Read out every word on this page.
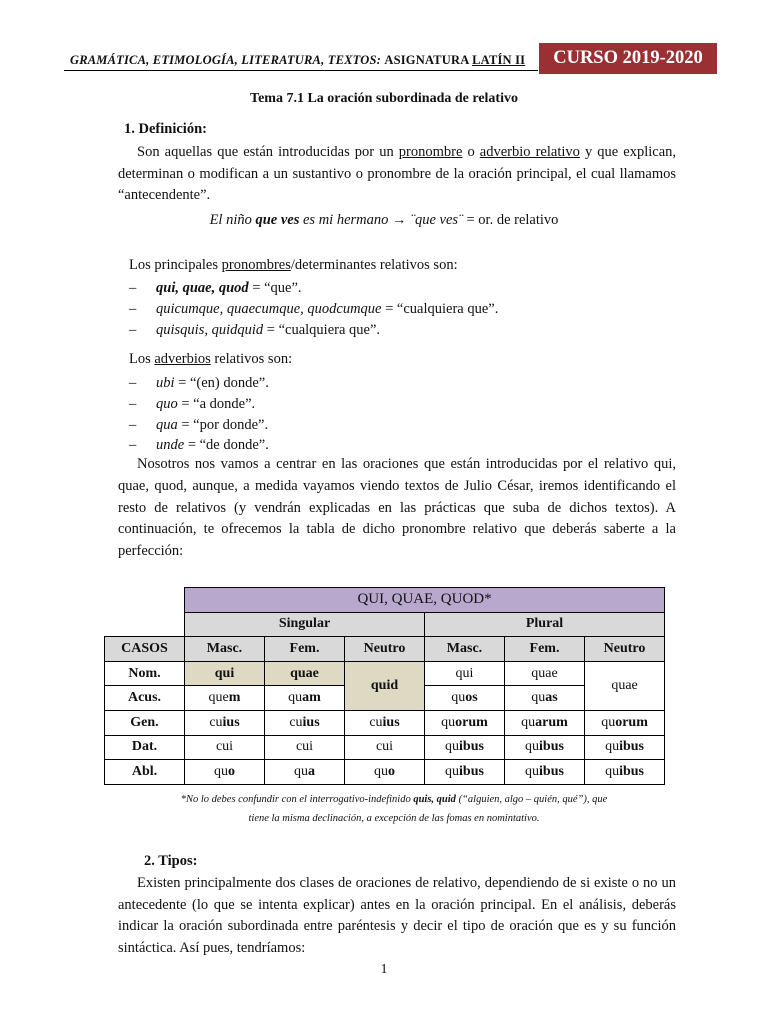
GRAMÁTICA, ETIMOLOGÍA, LITERATURA, TEXTOS: ASIGNATURA LATÍN II	CURSO 2019-2020
Tema 7.1 La oración subordinada de relativo
1. Definición:
Son aquellas que están introducidas por un pronombre o adverbio relativo y que explican, determinan o modifican a un sustantivo o pronombre de la oración principal, el cual llamamos “antecendente”.
El niño que ves es mi hermano → ¨que ves¨ = or. de relativo
Los principales pronombres/determinantes relativos son:
– qui, quae, quod = “que”.
– quicumque, quaecumque, quodcumque = “cualquiera que”.
– quisquis, quidquid = “cualquiera que”.
Los adverbios relativos son:
– ubi = “(en) donde”.
– quo = “a donde”.
– qua = “por donde”.
– unde = “de donde”.
Nosotros nos vamos a centrar en las oraciones que están introducidas por el relativo qui, quae, quod, aunque, a medida vayamos viendo textos de Julio César, iremos identificando el resto de relativos (y vendrán explicadas en las prácticas que suba de dichos textos). A continuación, te ofrecemos la tabla de dicho pronombre relativo que deberás saberte a la perfección:
	QUI, QUAE, QUOD*					
	Singular			Plural		
CASOS	Masc.	Fem.	Neutro	Masc.	Fem.	Neutro
Nom.	qui	quae	quid	qui	quae	quae
Acus.	quem	quam		quos	quas	
Gen.	cuius	cuius	cuius	quorum	quarum	quorum
Dat.	cui	cui	cui	quibus	quibus	quibus
Abl.	quo	qua	quo	quibus	quibus	quibus
*No lo debes confundir con el interrogativo-indefinido quis, quid (“alguien, algo – quién, qué”), que
tiene la misma declinación, a excepción de las fomas en nomintativo.
2. Tipos:
Existen principalmente dos clases de oraciones de relativo, dependiendo de si existe o no un antecedente (lo que se intenta explicar) antes en la oración principal. En el análisis, deberás indicar la oración subordinada entre paréntesis y decir el tipo de oración que es y su función sintáctica. Así pues, tendríamos:
1
